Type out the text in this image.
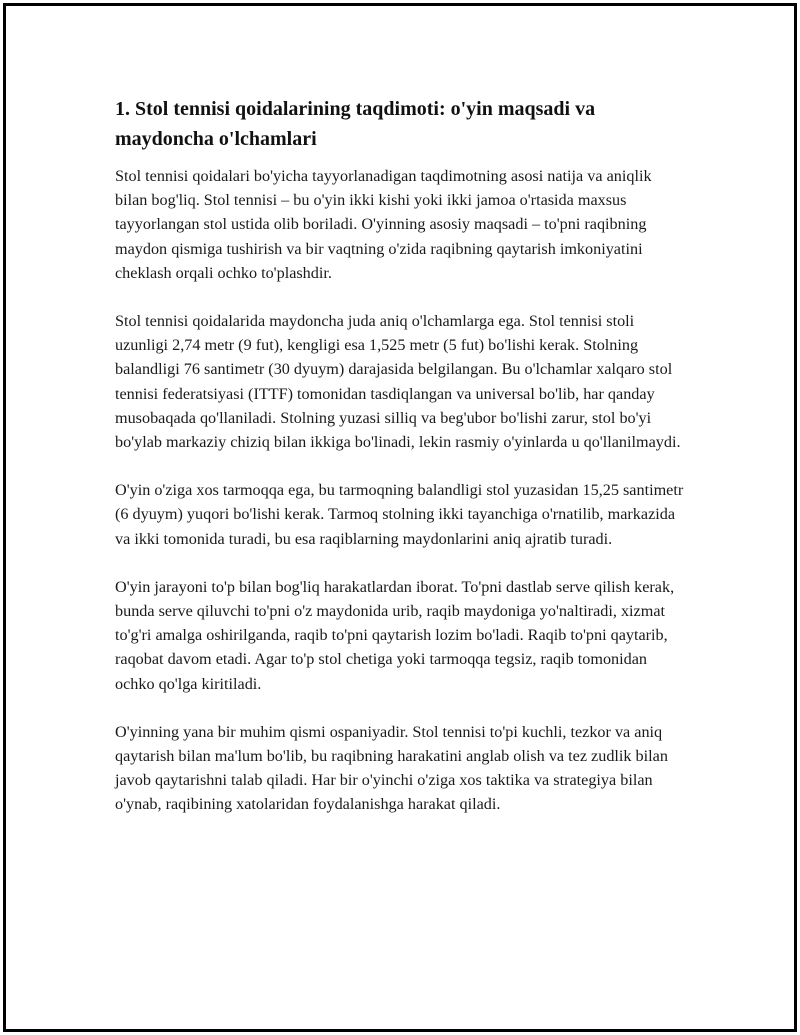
1. Stol tennisi qoidalarining taqdimoti: o'yin maqsadi va maydoncha o'lchamlari

Stol tennisi qoidalari bo'yicha tayyorlanadigan taqdimotning asosi natija va aniqlik bilan bog'liq. Stol tennisi – bu o'yin ikki kishi yoki ikki jamoa o'rtasida maxsus tayyorlangan stol ustida olib boriladi. O'yinning asosiy maqsadi – to'pni raqibning maydon qismiga tushirish va bir vaqtning o'zida raqibning qaytarish imkoniyatini cheklash orqali ochko to'plashdir.

Stol tennisi qoidalarida maydoncha juda aniq o'lchamlarga ega. Stol tennisi stoli uzunligi 2,74 metr (9 fut), kengligi esa 1,525 metr (5 fut) bo'lishi kerak. Stolning balandligi 76 santimetr (30 dyuym) darajasida belgilangan. Bu o'lchamlar xalqaro stol tennisi federatsiyasi (ITTF) tomonidan tasdiqlangan va universal bo'lib, har qanday musobaqada qo'llaniladi. Stolning yuzasi silliq va beg'ubor bo'lishi zarur, stol bo'yi bo'ylab markaziy chiziq bilan ikkiga bo'linadi, lekin rasmiy o'yinlarda u qo'llanilmaydi.

O'yin o'ziga xos tarmoqqa ega, bu tarmoqning balandligi stol yuzasidan 15,25 santimetr (6 dyuym) yuqori bo'lishi kerak. Tarmoq stolning ikki tayanchiga o'rnatilib, markazida va ikki tomonida turadi, bu esa raqiblarning maydonlarini aniq ajratib turadi.

O'yin jarayoni to'p bilan bog'liq harakatlardan iborat. To'pni dastlab serve qilish kerak, bunda serve qiluvchi to'pni o'z maydonida urib, raqib maydoniga yo'naltiradi, xizmat to'g'ri amalga oshirilganda, raqib to'pni qaytarish lozim bo'ladi. Raqib to'pni qaytarib, raqobat davom etadi. Agar to'p stol chetiga yoki tarmoqqa tegsiz, raqib tomonidan ochko qo'lga kiritiladi.

O'yinning yana bir muhim qismi ospaniyadir. Stol tennisi to'pi kuchli, tezkor va aniq qaytarish bilan ma'lum bo'lib, bu raqibning harakatini anglab olish va tez zudlik bilan javob qaytarishni talab qiladi. Har bir o'yinchi o'ziga xos taktika va strategiya bilan o'ynab, raqibining xatolaridan foydalanishga harakat qiladi.
